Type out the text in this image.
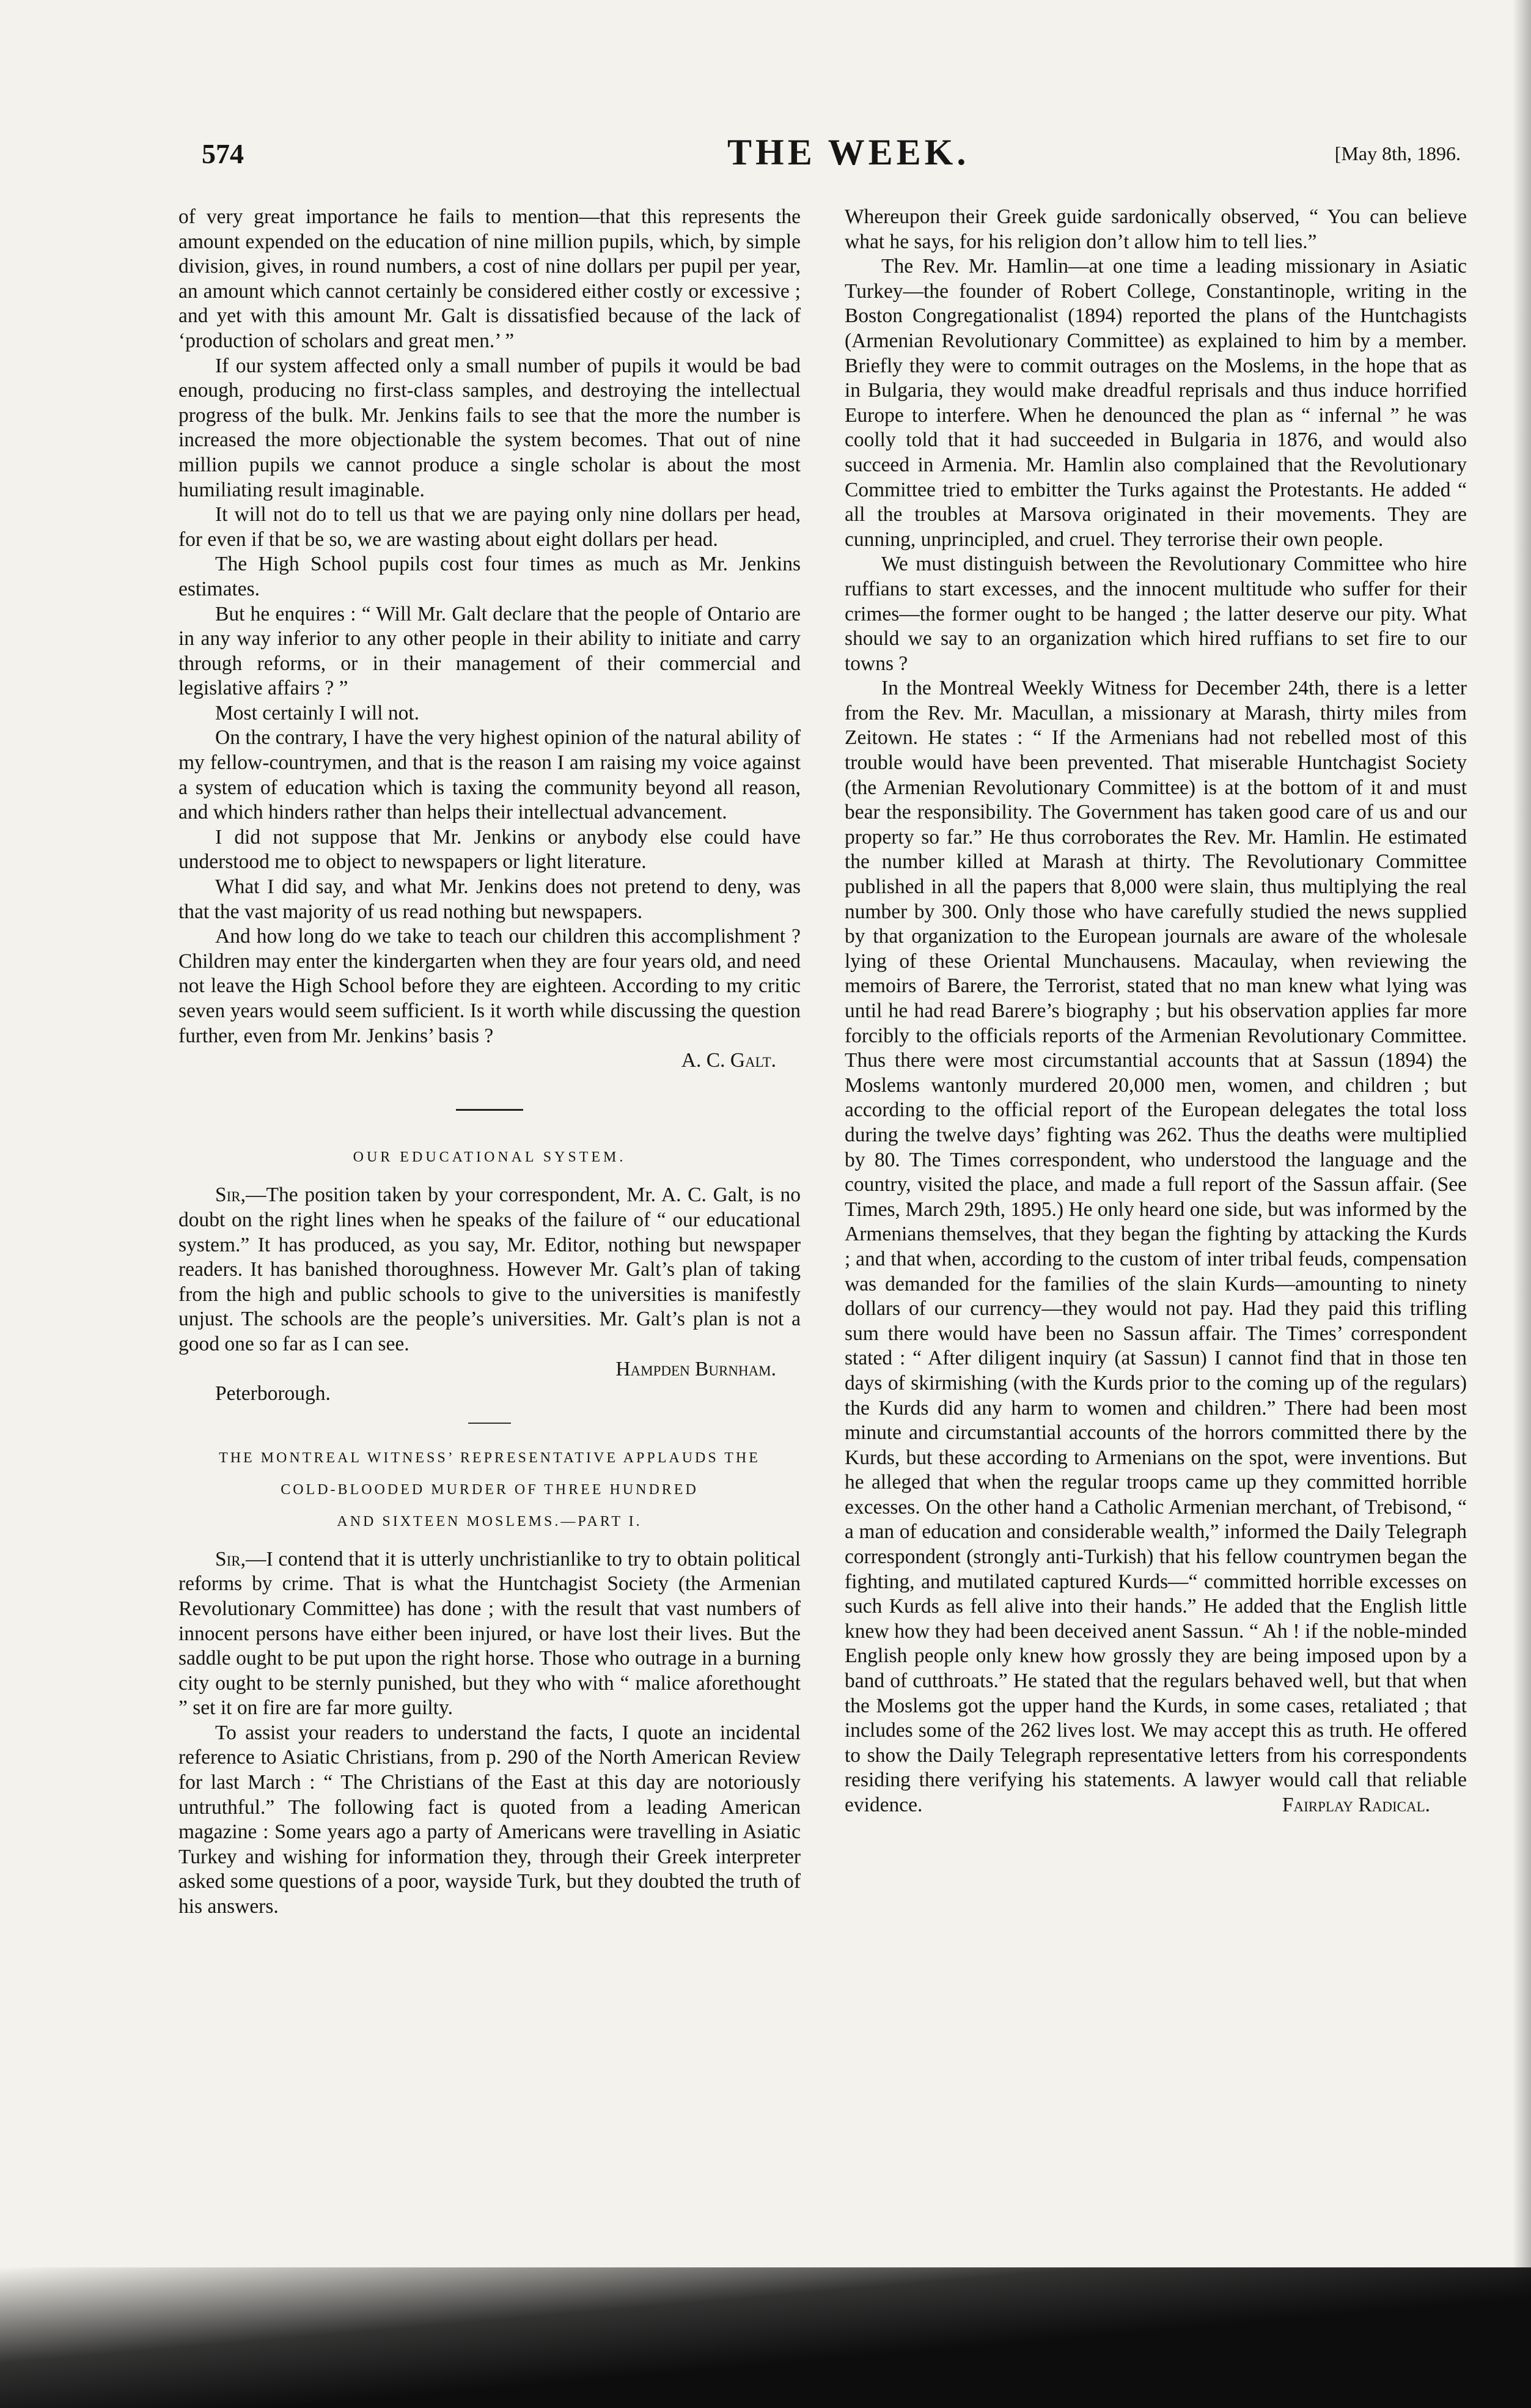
574	THE WEEK.	[May 8th, 1896.

of very great importance he fails to mention—that this represents the amount expended on the education of nine million pupils, which, by simple division, gives, in round numbers, a cost of nine dollars per pupil per year, an amount which cannot certainly be considered either costly or excessive ; and yet with this amount Mr. Galt is dissatisfied because of the lack of ‘production of scholars and great men.’ ”

If our system affected only a small number of pupils it would be bad enough, producing no first-class samples, and destroying the intellectual progress of the bulk. Mr. Jenkins fails to see that the more the number is increased the more objectionable the system becomes. That out of nine million pupils we cannot produce a single scholar is about the most humiliating result imaginable.

It will not do to tell us that we are paying only nine dollars per head, for even if that be so, we are wasting about eight dollars per head.

The High School pupils cost four times as much as Mr. Jenkins estimates.

But he enquires : “ Will Mr. Galt declare that the people of Ontario are in any way inferior to any other people in their ability to initiate and carry through reforms, or in their management of their commercial and legislative affairs ? ”

Most certainly I will not.

On the contrary, I have the very highest opinion of the natural ability of my fellow-countrymen, and that is the reason I am raising my voice against a system of education which is taxing the community beyond all reason, and which hinders rather than helps their intellectual advancement.

I did not suppose that Mr. Jenkins or anybody else could have understood me to object to newspapers or light literature.

What I did say, and what Mr. Jenkins does not pretend to deny, was that the vast majority of us read nothing but newspapers.

And how long do we take to teach our children this accomplishment ? Children may enter the kindergarten when they are four years old, and need not leave the High School before they are eighteen. According to my critic seven years would seem sufficient. Is it worth while discussing the question further, even from Mr. Jenkins’ basis ?

A. C. Galt.
OUR EDUCATIONAL SYSTEM.

Sir,—The position taken by your correspondent, Mr. A. C. Galt, is no doubt on the right lines when he speaks of the failure of “ our educational system.” It has produced, as you say, Mr. Editor, nothing but newspaper readers. It has banished thoroughness. However Mr. Galt’s plan of taking from the high and public schools to give to the universities is manifestly unjust. The schools are the people’s universities. Mr. Galt’s plan is not a good one so far as I can see.

Hampden Burnham.
Peterborough.
THE MONTREAL WITNESS’ REPRESENTATIVE APPLAUDS THE
COLD-BLOODED MURDER OF THREE HUNDRED
AND SIXTEEN MOSLEMS.—PART I.

Sir,—I contend that it is utterly unchristianlike to try to obtain political reforms by crime. That is what the Huntchagist Society (the Armenian Revolutionary Committee) has done ; with the result that vast numbers of innocent persons have either been injured, or have lost their lives. But the saddle ought to be put upon the right horse. Those who outrage in a burning city ought to be sternly punished, but they who with “ malice aforethought ” set it on fire are far more guilty.

To assist your readers to understand the facts, I quote an incidental reference to Asiatic Christians, from p. 290 of the North American Review for last March : “ The Christians of the East at this day are notoriously untruthful.” The following fact is quoted from a leading American magazine : Some years ago a party of Americans were travelling in Asiatic Turkey and wishing for information they, through their Greek interpreter asked some questions of a poor, wayside Turk, but they doubted the truth of his answers.

Whereupon their Greek guide sardonically observed, “ You can believe what he says, for his religion don’t allow him to tell lies.”

The Rev. Mr. Hamlin—at one time a leading missionary in Asiatic Turkey—the founder of Robert College, Constantinople, writing in the Boston Congregationalist (1894) reported the plans of the Huntchagists (Armenian Revolutionary Committee) as explained to him by a member. Briefly they were to commit outrages on the Moslems, in the hope that as in Bulgaria, they would make dreadful reprisals and thus induce horrified Europe to interfere. When he denounced the plan as “ infernal ” he was coolly told that it had succeeded in Bulgaria in 1876, and would also succeed in Armenia. Mr. Hamlin also complained that the Revolutionary Committee tried to embitter the Turks against the Protestants. He added “ all the troubles at Marsova originated in their movements. They are cunning, unprincipled, and cruel. They terrorise their own people.

We must distinguish between the Revolutionary Committee who hire ruffians to start excesses, and the innocent multitude who suffer for their crimes—the former ought to be hanged ; the latter deserve our pity. What should we say to an organization which hired ruffians to set fire to our towns ?

In the Montreal Weekly Witness for December 24th, there is a letter from the Rev. Mr. Macullan, a missionary at Marash, thirty miles from Zeitown. He states : “ If the Armenians had not rebelled most of this trouble would have been prevented. That miserable Huntchagist Society (the Armenian Revolutionary Committee) is at the bottom of it and must bear the responsibility. The Government has taken good care of us and our property so far.” He thus corroborates the Rev. Mr. Hamlin. He estimated the number killed at Marash at thirty. The Revolutionary Committee published in all the papers that 8,000 were slain, thus multiplying the real number by 300. Only those who have carefully studied the news supplied by that organization to the European journals are aware of the wholesale lying of these Oriental Munchausens. Macaulay, when reviewing the memoirs of Barere, the Terrorist, stated that no man knew what lying was until he had read Barere’s biography ; but his observation applies far more forcibly to the officials reports of the Armenian Revolutionary Committee. Thus there were most circumstantial accounts that at Sassun (1894) the Moslems wantonly murdered 20,000 men, women, and children ; but according to the official report of the European delegates the total loss during the twelve days’ fighting was 262. Thus the deaths were multiplied by 80. The Times correspondent, who understood the language and the country, visited the place, and made a full report of the Sassun affair. (See Times, March 29th, 1895.) He only heard one side, but was informed by the Armenians themselves, that they began the fighting by attacking the Kurds ; and that when, according to the custom of inter tribal feuds, compensation was demanded for the families of the slain Kurds—amounting to ninety dollars of our currency—they would not pay. Had they paid this trifling sum there would have been no Sassun affair. The Times’ correspondent stated : “ After diligent inquiry (at Sassun) I cannot find that in those ten days of skirmishing (with the Kurds prior to the coming up of the regulars) the Kurds did any harm to women and children.” There had been most minute and circumstantial accounts of the horrors committed there by the Kurds, but these according to Armenians on the spot, were inventions. But he alleged that when the regular troops came up they committed horrible excesses. On the other hand a Catholic Armenian merchant, of Trebisond, “ a man of education and considerable wealth,” informed the Daily Telegraph correspondent (strongly anti-Turkish) that his fellow countrymen began the fighting, and mutilated captured Kurds—“ committed horrible excesses on such Kurds as fell alive into their hands.” He added that the English little knew how they had been deceived anent Sassun. “ Ah ! if the noble-minded English people only knew how grossly they are being imposed upon by a band of cutthroats.” He stated that the regulars behaved well, but that when the Moslems got the upper hand the Kurds, in some cases, retaliated ; that includes some of the 262 lives lost. We may accept this as truth. He offered to show the Daily Telegraph representative letters from his correspondents residing there verifying his statements. A lawyer would call that reliable evidence.	Fairplay Radical.
